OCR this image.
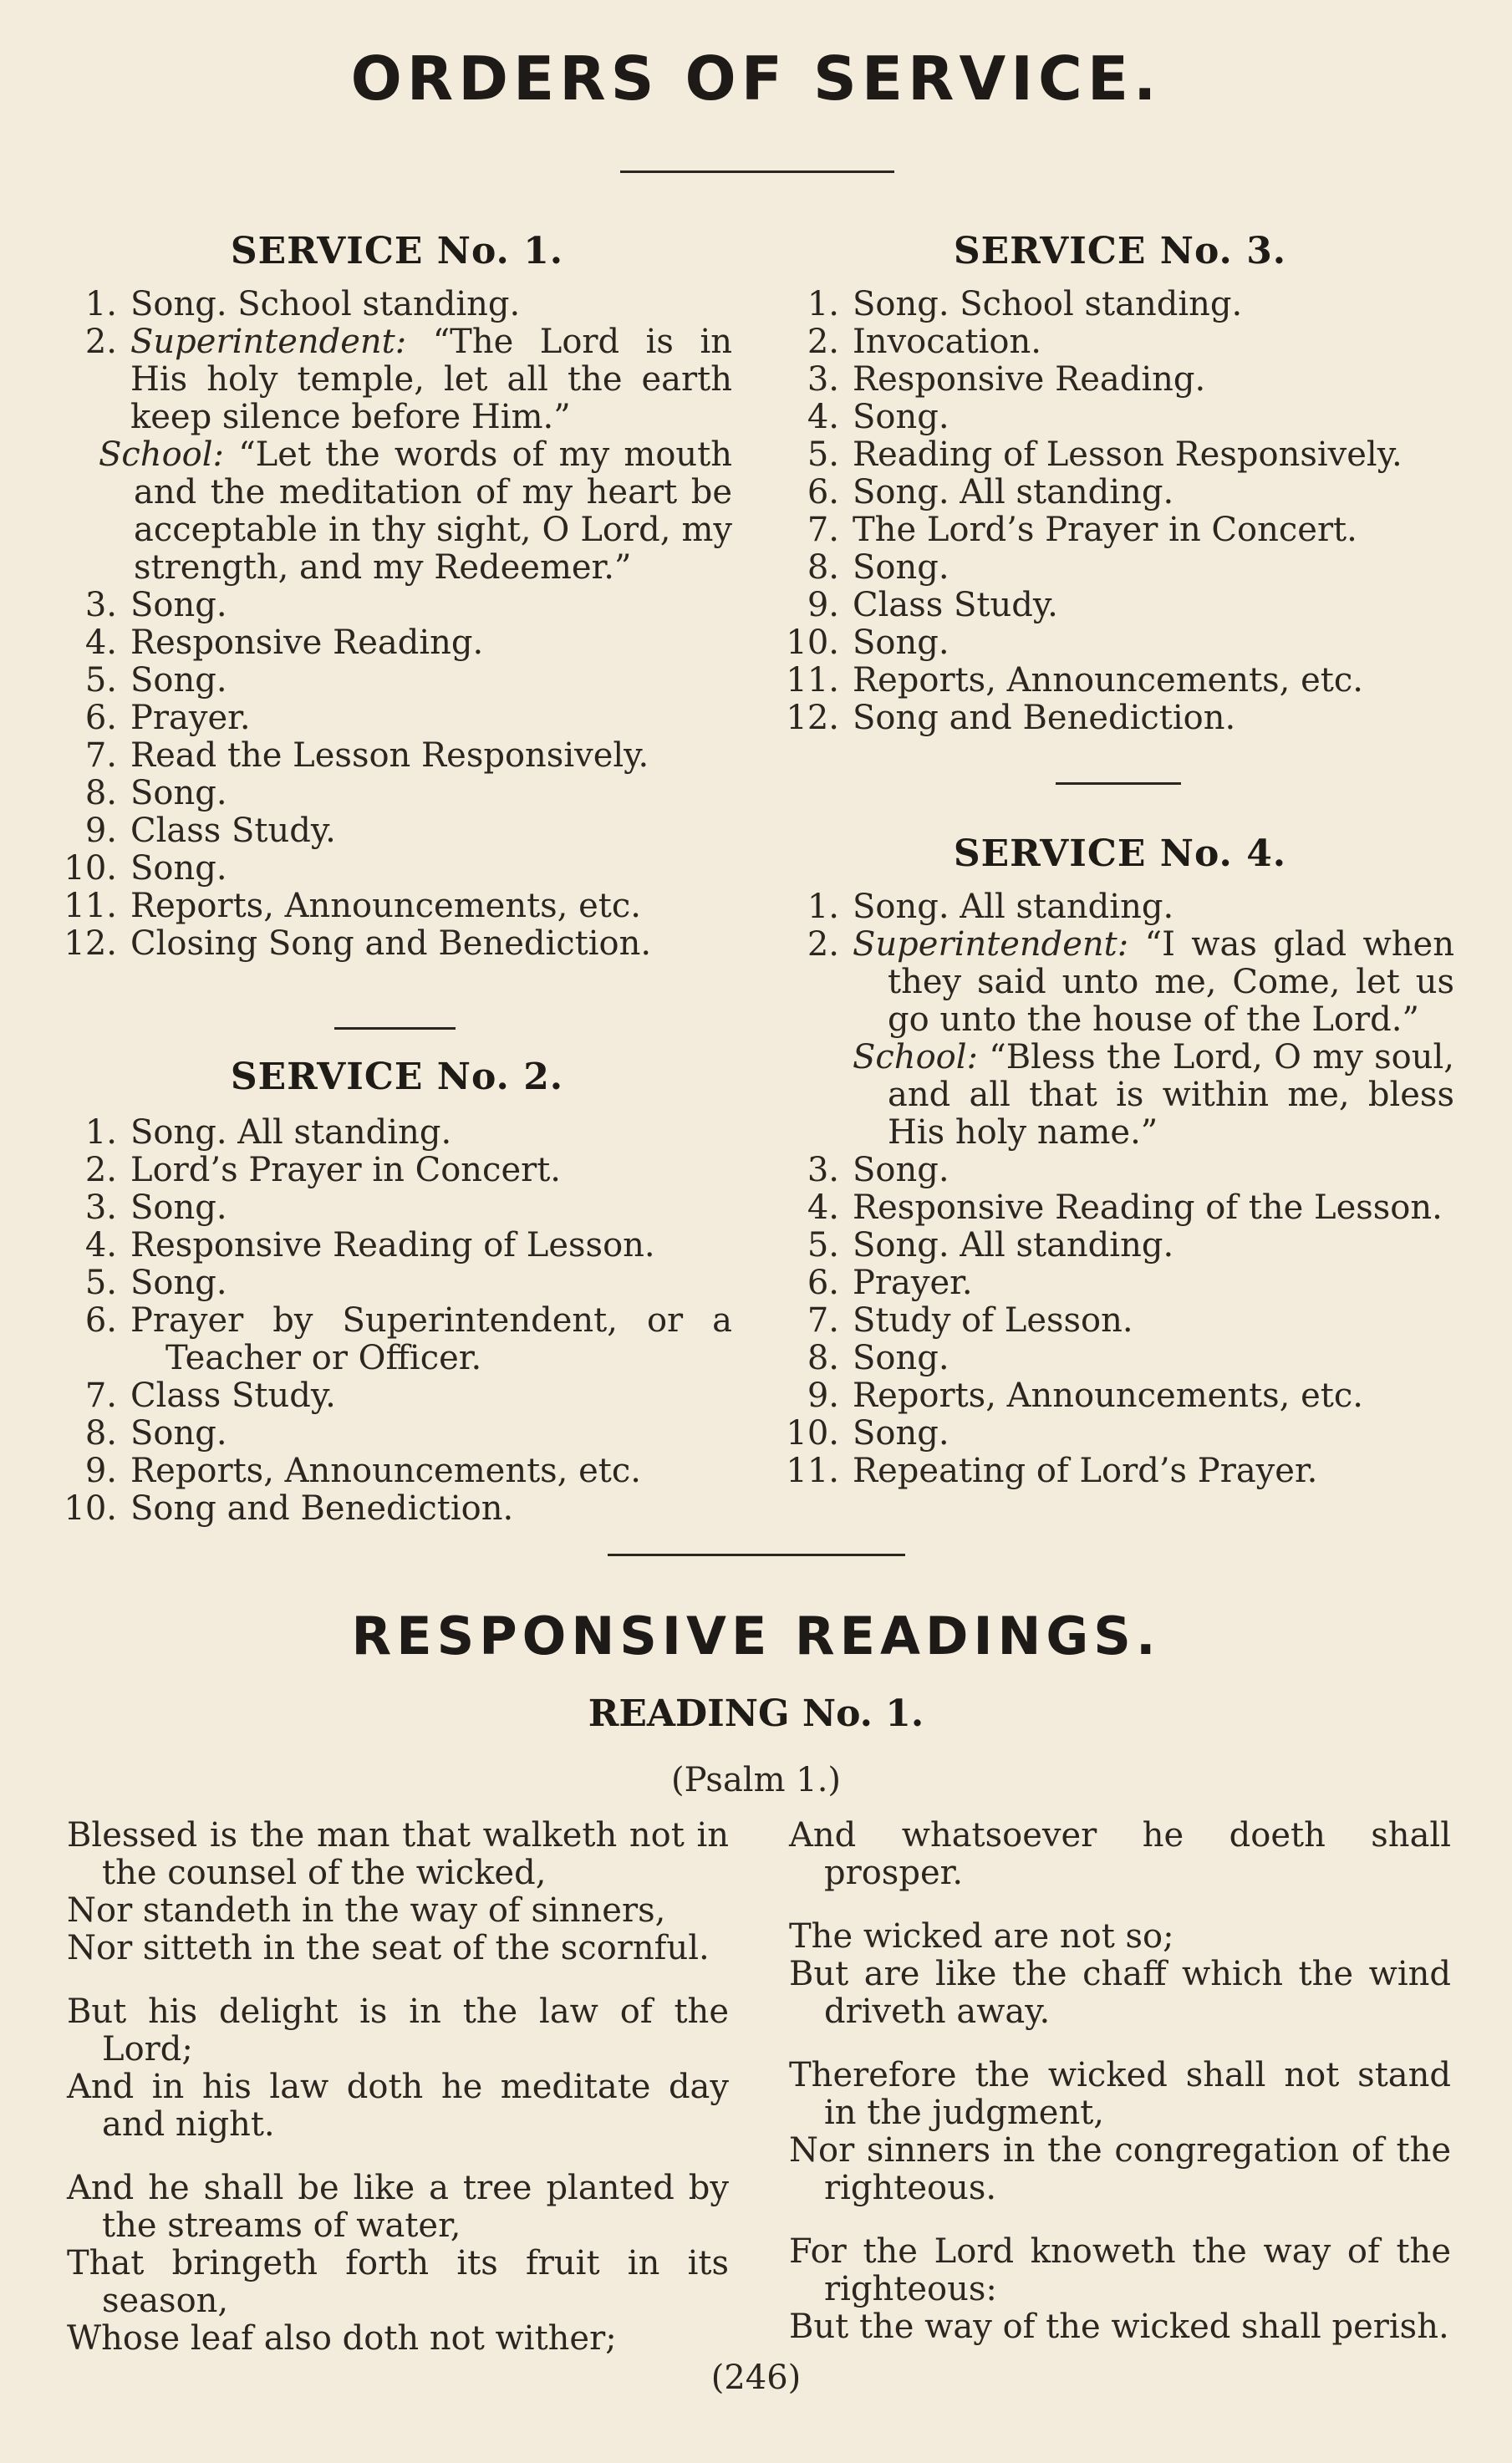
ORDERS OF SERVICE.
SERVICE No. 1.
1. Song. School standing.
2. Superintendent: “The Lord is in His holy temple, let all the earth keep silence before Him.”
School: “Let the words of my mouth and the meditation of my heart be acceptable in thy sight, O Lord, my strength, and my Redeemer.”
3. Song.
4. Responsive Reading.
5. Song.
6. Prayer.
7. Read the Lesson Responsively.
8. Song.
9. Class Study.
10. Song.
11. Reports, Announcements, etc.
12. Closing Song and Benediction.
SERVICE No. 2.
1. Song. All standing.
2. Lord’s Prayer in Concert.
3. Song.
4. Responsive Reading of Lesson.
5. Song.
6. Prayer by Superintendent, or a Teacher or Officer.
7. Class Study.
8. Song.
9. Reports, Announcements, etc.
10. Song and Benediction.
SERVICE No. 3.
1. Song. School standing.
2. Invocation.
3. Responsive Reading.
4. Song.
5. Reading of Lesson Responsively.
6. Song. All standing.
7. The Lord’s Prayer in Concert.
8. Song.
9. Class Study.
10. Song.
11. Reports, Announcements, etc.
12. Song and Benediction.
SERVICE No. 4.
1. Song. All standing.
2. Superintendent: “I was glad when they said unto me, Come, let us go unto the house of the Lord.”
School: “Bless the Lord, O my soul, and all that is within me, bless His holy name.”
3. Song.
4. Responsive Reading of the Lesson.
5. Song. All standing.
6. Prayer.
7. Study of Lesson.
8. Song.
9. Reports, Announcements, etc.
10. Song.
11. Repeating of Lord’s Prayer.
RESPONSIVE READINGS.
READING No. 1.
(Psalm 1.)
Blessed is the man that walketh not in the counsel of the wicked,
Nor standeth in the way of sinners,
Nor sitteth in the seat of the scornful.
But his delight is in the law of the Lord;
And in his law doth he meditate day and night.
And he shall be like a tree planted by the streams of water,
That bringeth forth its fruit in its season,
Whose leaf also doth not wither;
And whatsoever he doeth shall prosper.
The wicked are not so;
But are like the chaff which the wind driveth away.
Therefore the wicked shall not stand in the judgment,
Nor sinners in the congregation of the righteous.
For the Lord knoweth the way of the righteous:
But the way of the wicked shall perish.
(246)
